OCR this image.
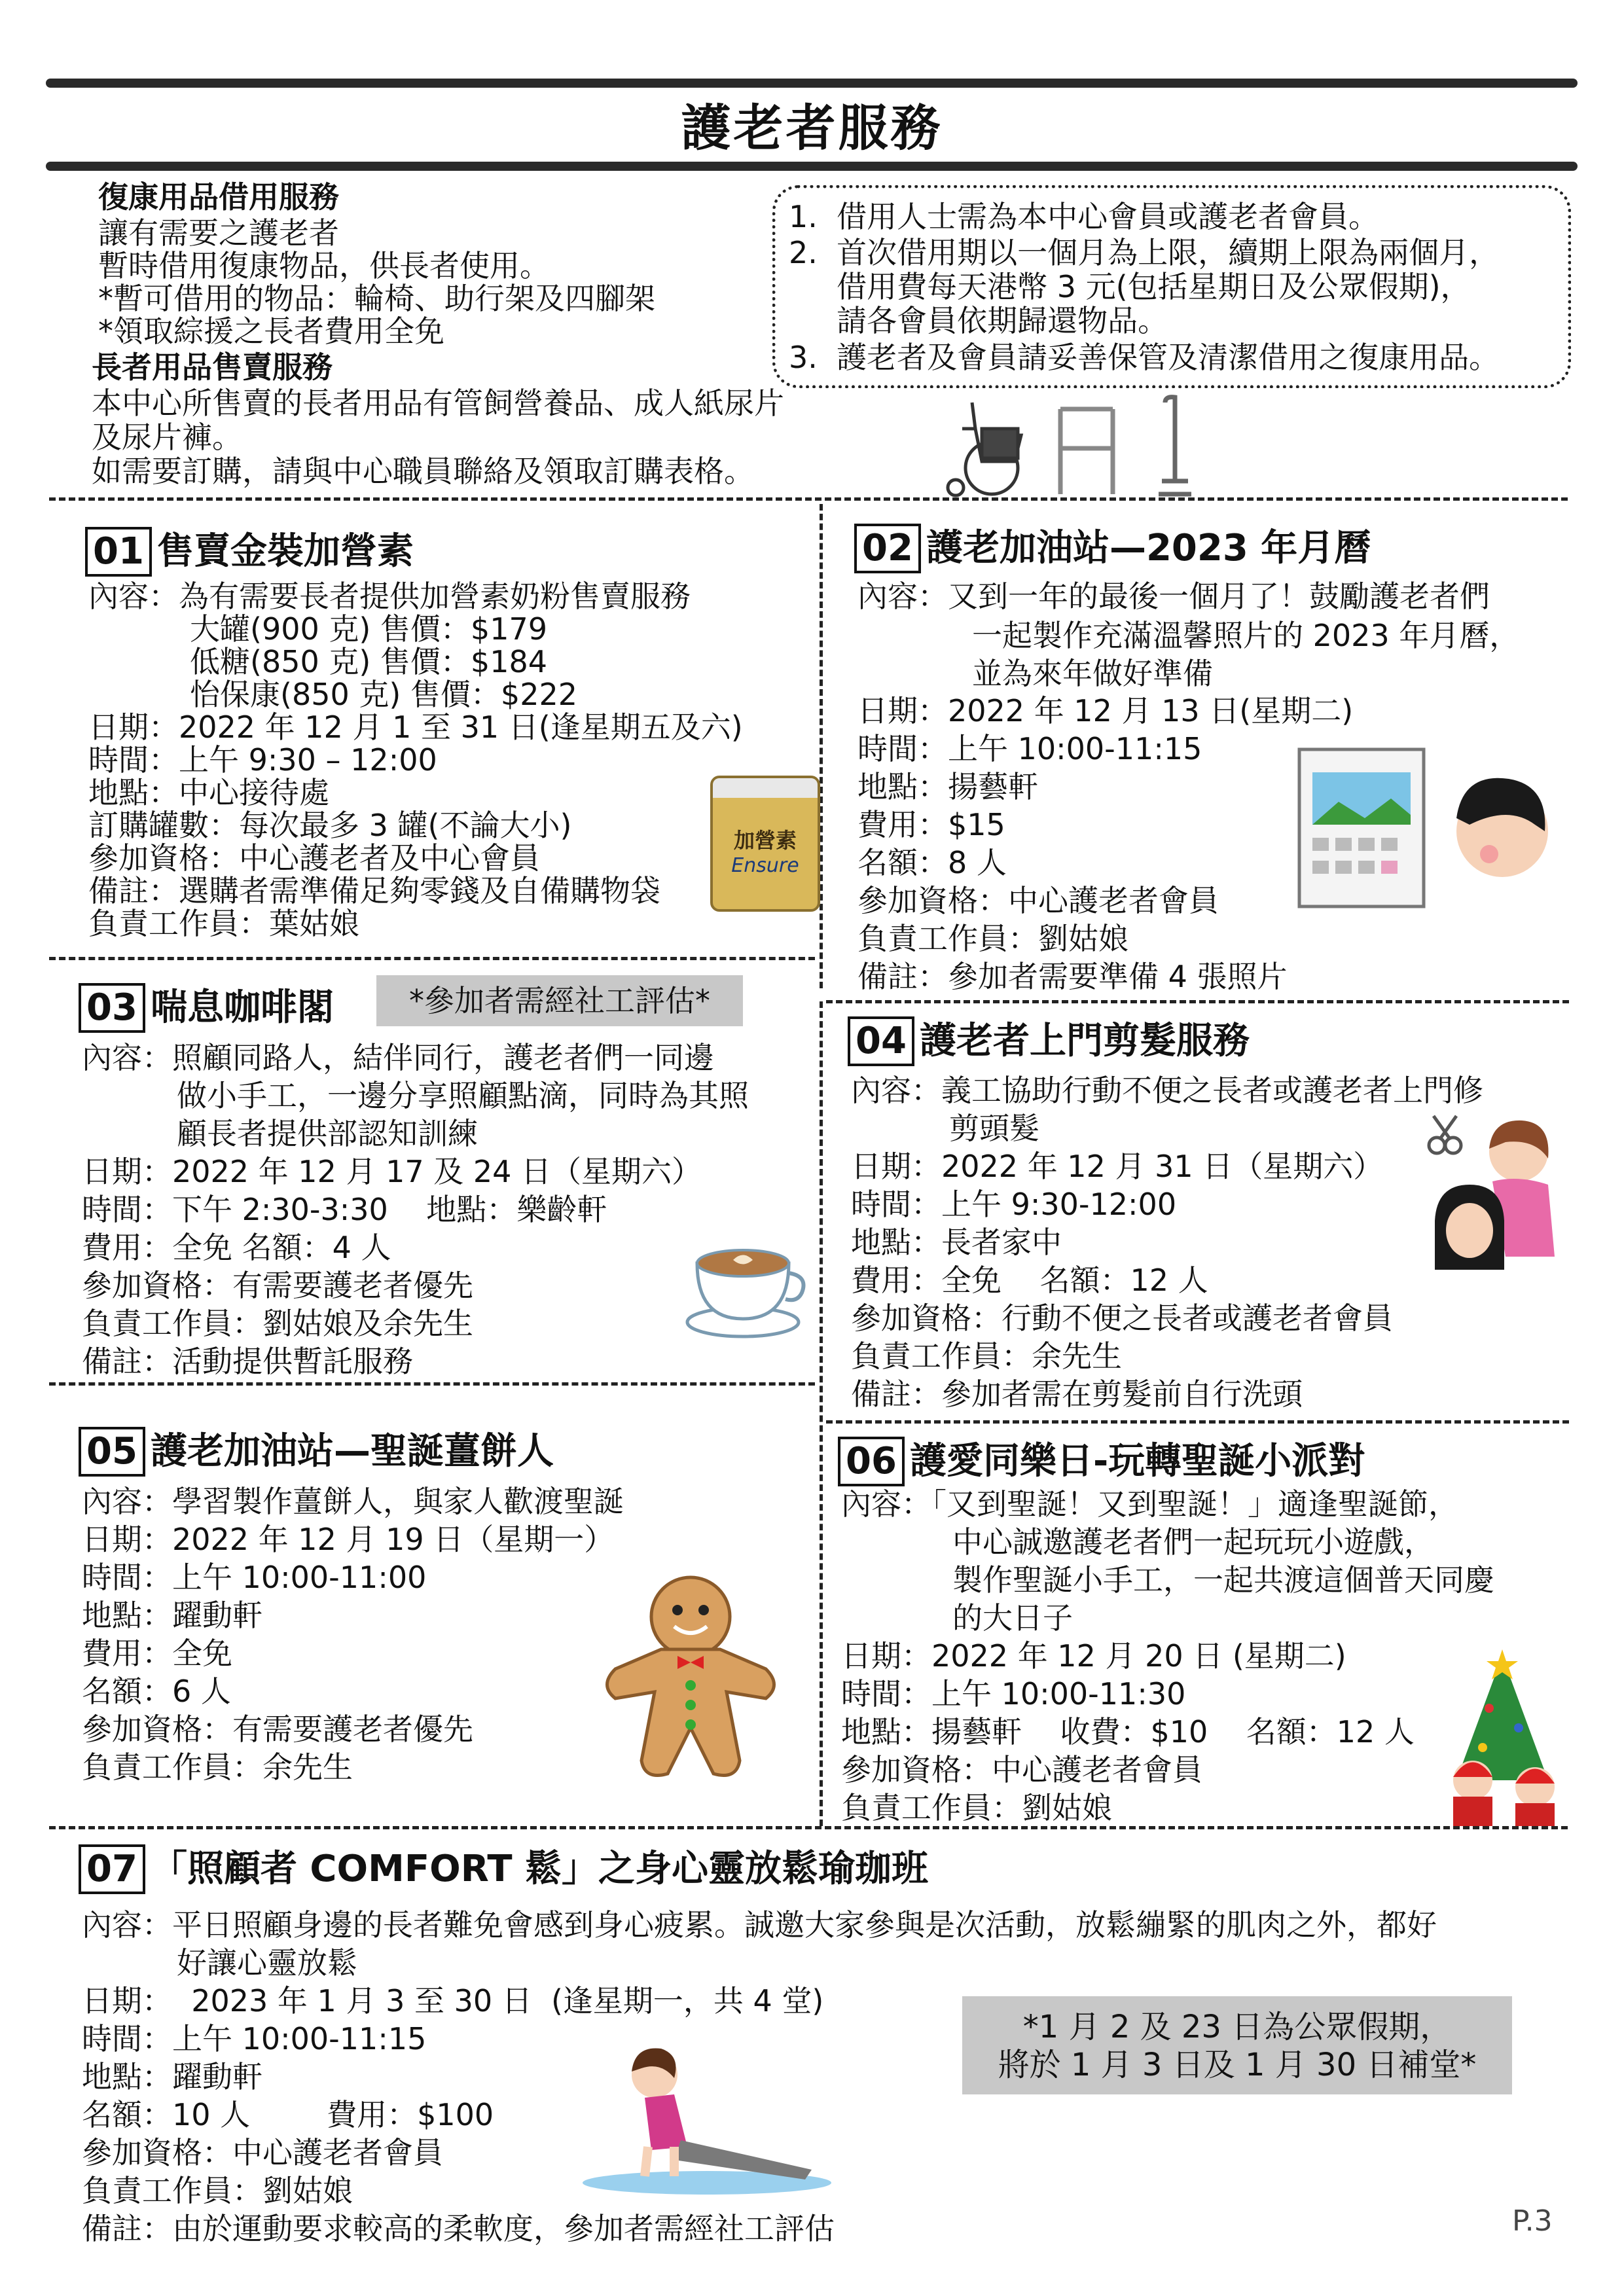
護老者服務
復康用品借用服務
讓有需要之護老者
暫時借用復康物品，供長者使用。
*暫可借用的物品：輪椅、助行架及四腳架
*領取綜援之長者費用全免
長者用品售賣服務
本中心所售賣的長者用品有管飼營養品、成人紙尿片
及尿片褲。
如需要訂購，請與中心職員聯絡及領取訂購表格。
1.  借用人士需為本中心會員或護老者會員。
2.  首次借用期以一個月為上限，續期上限為兩個月，
借用費每天港幣 3 元(包括星期日及公眾假期)，
請各會員依期歸還物品。
3.  護老者及會員請妥善保管及清潔借用之復康用品。
01 售賣金裝加營素
內容：為有需要長者提供加營素奶粉售賣服務
大罐(900 克) 售價：$179
低糖(850 克) 售價：$184
怡保康(850 克) 售價：$222
日期：2022 年 12 月 1 至 31 日(逢星期五及六)
時間：上午 9:30 – 12:00
地點：中心接待處
訂購罐數：每次最多 3 罐(不論大小)
參加資格：中心護老者及中心會員
備註：選購者需準備足夠零錢及自備購物袋
負責工作員：葉姑娘
加營素
Ensure
02 護老加油站—2023 年月曆
內容：又到一年的最後一個月了！鼓勵護老者們
一起製作充滿溫馨照片的 2023 年月曆，
並為來年做好準備
日期：2022 年 12 月 13 日(星期二)
時間：上午 10:00-11:15
地點：揚藝軒
費用：$15
名額：8 人
參加資格：中心護老者會員
負責工作員：劉姑娘
備註：參加者需要準備 4 張照片
03 喘息咖啡閣	*參加者需經社工評估*
內容：照顧同路人，結伴同行，護老者們一同邊
做小手工，一邊分享照顧點滴，同時為其照
顧長者提供部認知訓練
日期：2022 年 12 月 17 及 24 日（星期六）
時間：下午 2:30-3:30    地點：樂齡軒
費用：全免 名額：4 人
參加資格：有需要護老者優先
負責工作員：劉姑娘及余先生
備註：活動提供暫託服務
04 護老者上門剪髮服務
內容：義工協助行動不便之長者或護老者上門修
剪頭髮
日期：2022 年 12 月 31 日（星期六）
時間：上午 9:30-12:00
地點：長者家中
費用：全免    名額：12 人
參加資格：行動不便之長者或護老者會員
負責工作員：余先生
備註：參加者需在剪髮前自行洗頭
05 護老加油站—聖誕薑餅人
內容：學習製作薑餅人，與家人歡渡聖誕
日期：2022 年 12 月 19 日（星期一）
時間：上午 10:00-11:00
地點：躍動軒
費用：全免
名額：6 人
參加資格：有需要護老者優先
負責工作員：余先生
06 護愛同樂日-玩轉聖誕小派對
內容：「又到聖誕！又到聖誕！」適逢聖誕節，
中心誠邀護老者們一起玩玩小遊戲，
製作聖誕小手工，一起共渡這個普天同慶
的大日子
日期：2022 年 12 月 20 日 (星期二)
時間：上午 10:00-11:30
地點：揚藝軒    收費：$10    名額：12 人
參加資格：中心護老者會員
負責工作員：劉姑娘
07 「照顧者 COMFORT 鬆」之身心靈放鬆瑜珈班
內容：平日照顧身邊的長者難免會感到身心疲累。誠邀大家參與是次活動，放鬆繃緊的肌肉之外，都好
好讓心靈放鬆
日期：  2023 年 1 月 3 至 30 日  (逢星期一，共 4 堂)
時間：上午 10:00-11:15
地點：躍動軒
名額：10 人        費用：$100
參加資格：中心護老者會員
負責工作員：劉姑娘
備註：由於運動要求較高的柔軟度，參加者需經社工評估
*1 月 2 及 23 日為公眾假期，
將於 1 月 3 日及 1 月 30 日補堂*
P.3
